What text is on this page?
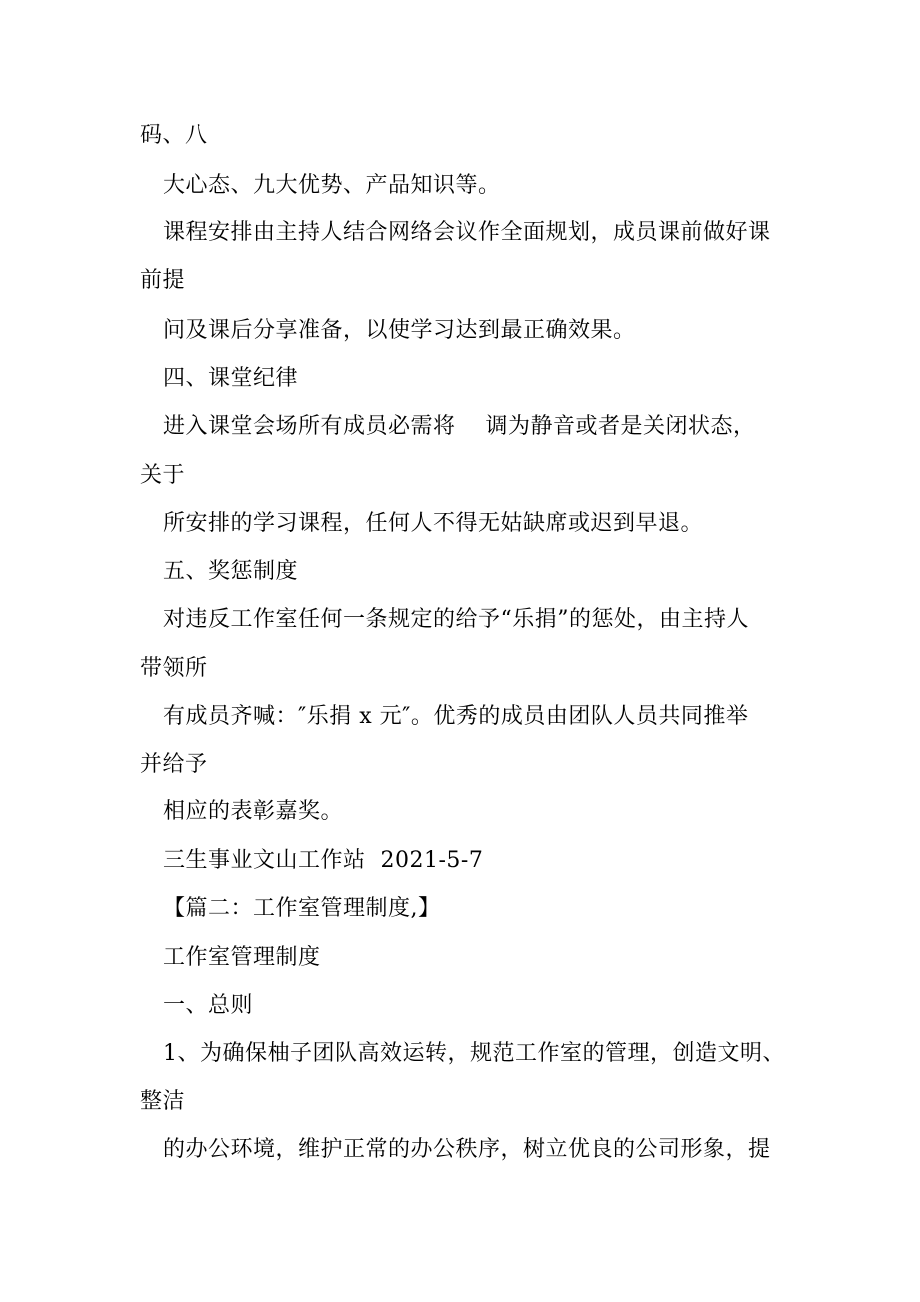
码、八
大心态、九大优势、产品知识等。
课程安排由主持人结合网络会议作全面规划，成员课前做好课
前提
问及课后分享准备，以使学习达到最正确效果。
四、课堂纪律
进入课堂会场所有成员必需将    调为静音或者是关闭状态，
关于
所安排的学习课程，任何人不得无姑缺席或迟到早退。
五、奖惩制度
对违反工作室任何一条规定的给予“乐捐”的惩处，由主持人
带领所
有成员齐喊：″乐捐 x 元″。优秀的成员由团队人员共同推举
并给予
相应的表彰嘉奖。
三生事业文山工作站  2021-5-7
【篇二：工作室管理制度,】
工作室管理制度
一、总则
1、为确保柚子团队高效运转，规范工作室的管理，创造文明、
整洁
的办公环境，维护正常的办公秩序，树立优良的公司形象，提
